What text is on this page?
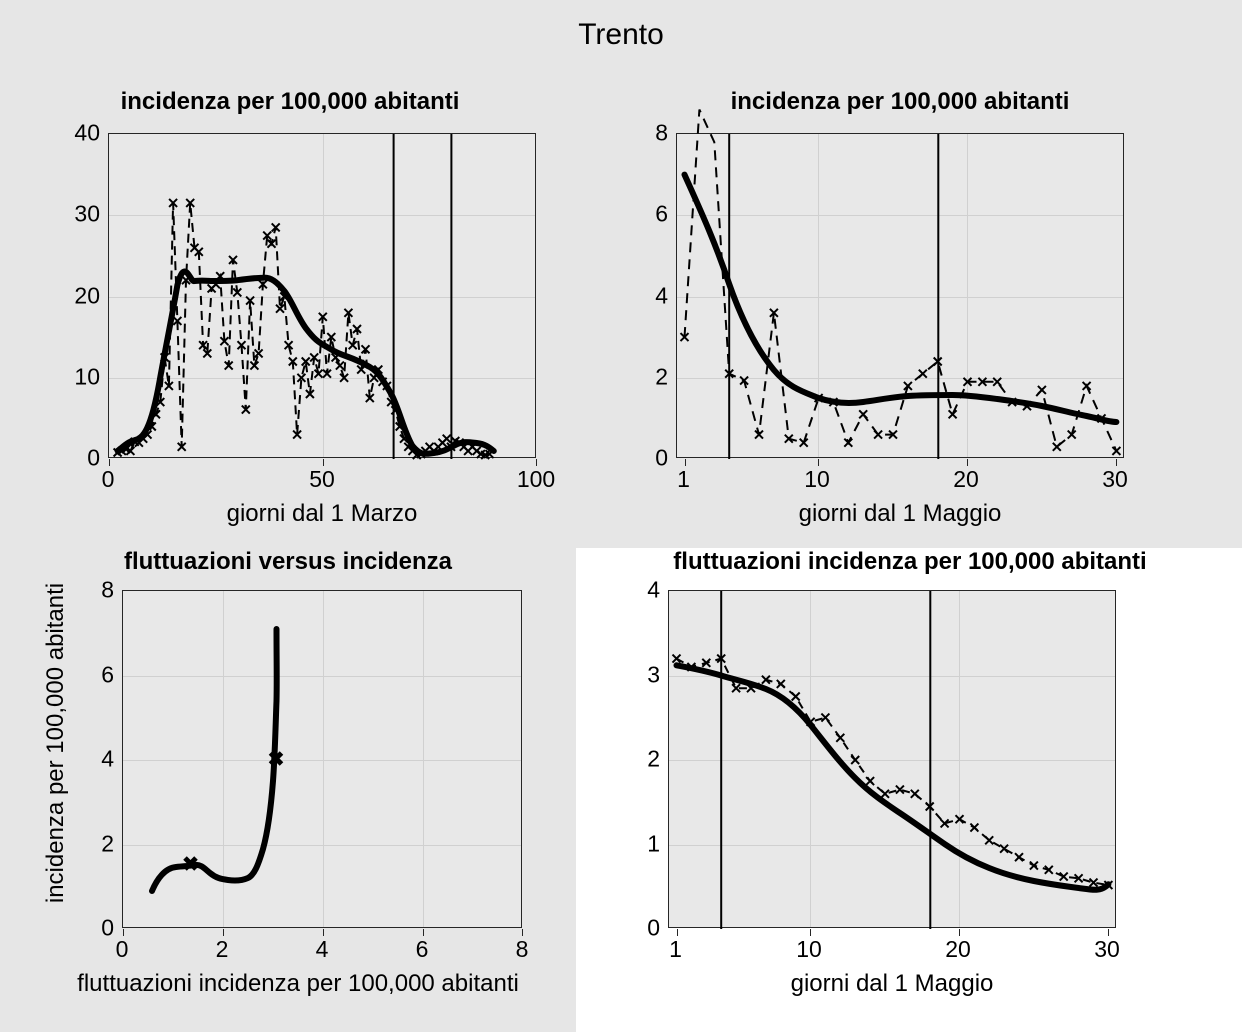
Trento
incidenza per 100,000 abitanti
0
10
20
30
40
0	50	100
giorni dal 1 Marzo
incidenza per 100,000 abitanti
0
2
4
6
8
1	10	20	30
giorni dal 1 Maggio
fluttuazioni versus incidenza
0
2
4
6
8
0	2	4	6	8
fluttuazioni incidenza per 100,000 abitanti
incidenza per 100,000 abitanti
fluttuazioni incidenza per 100,000 abitanti
0
1
2
3
4
1	10	20	30
giorni dal 1 Maggio
